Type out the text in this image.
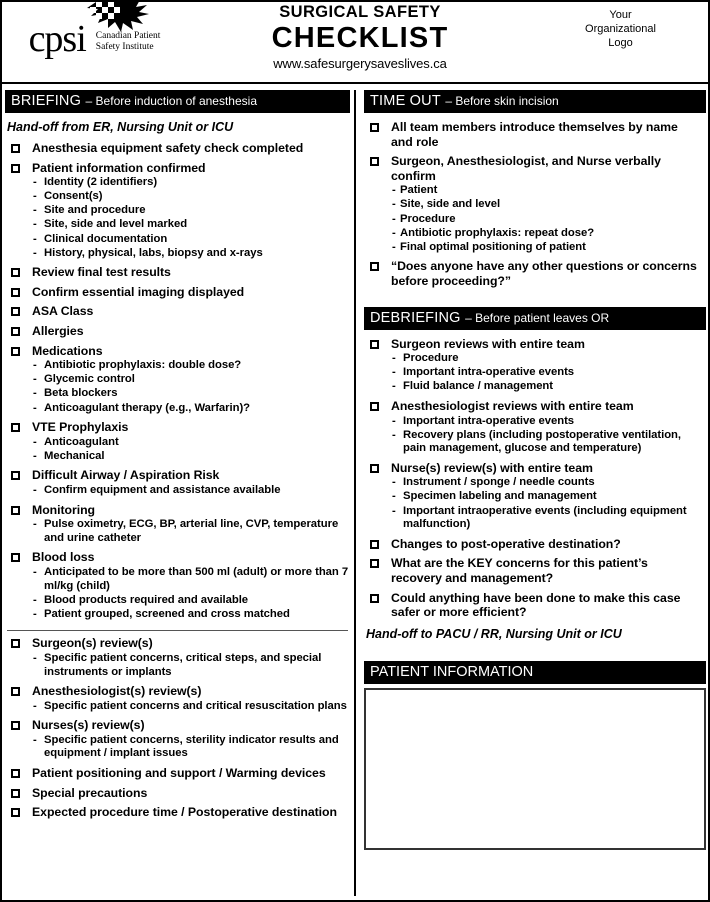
cpsi	Canadian Patient
Safety Institute
SURGICAL SAFETY
CHECKLIST
www.safesurgerysaveslives.ca
Your
Organizational
Logo
BRIEFING – Before induction of anesthesia
Hand-off from ER, Nursing Unit or ICU
Anesthesia equipment safety check completed
Patient information confirmed
- Identity (2 identifiers)
- Consent(s)
- Site and procedure
- Site, side and level marked
- Clinical documentation
- History, physical, labs, biopsy and x-rays
Review final test results
Confirm essential imaging displayed
ASA Class
Allergies
Medications
- Antibiotic prophylaxis: double dose?
- Glycemic control
- Beta blockers
- Anticoagulant therapy (e.g., Warfarin)?
VTE Prophylaxis
- Anticoagulant
- Mechanical
Difficult Airway / Aspiration Risk
- Confirm equipment and assistance available
Monitoring
- Pulse oximetry, ECG, BP, arterial line, CVP, temperature and urine catheter
Blood loss
- Anticipated to be more than 500 ml (adult) or more than 7 ml/kg (child)
- Blood products required and available
- Patient grouped, screened and cross matched
Surgeon(s) review(s)
- Specific patient concerns, critical steps, and special instruments or implants
Anesthesiologist(s) review(s)
- Specific patient concerns and critical resuscitation plans
Nurses(s) review(s)
- Specific patient concerns, sterility indicator results and equipment / implant issues
Patient positioning and support / Warming devices
Special precautions
Expected procedure time / Postoperative destination
TIME OUT – Before skin incision
All team members introduce themselves by name and role
Surgeon, Anesthesiologist, and Nurse verbally confirm
- Patient
- Site, side and level
- Procedure
- Antibiotic prophylaxis: repeat dose?
- Final optimal positioning of patient
“Does anyone have any other questions or concerns before proceeding?”
DEBRIEFING – Before patient leaves OR
Surgeon reviews with entire team
- Procedure
- Important intra-operative events
- Fluid balance / management
Anesthesiologist reviews with entire team
- Important intra-operative events
- Recovery plans (including postoperative ventilation, pain management, glucose and temperature)
Nurse(s) review(s) with entire team
- Instrument / sponge / needle counts
- Specimen labeling and management
- Important intraoperative events (including equipment malfunction)
Changes to post-operative destination?
What are the KEY concerns for this patient’s recovery and management?
Could anything have been done to make this case safer or more efficient?
Hand-off to PACU / RR, Nursing Unit or ICU
PATIENT INFORMATION
